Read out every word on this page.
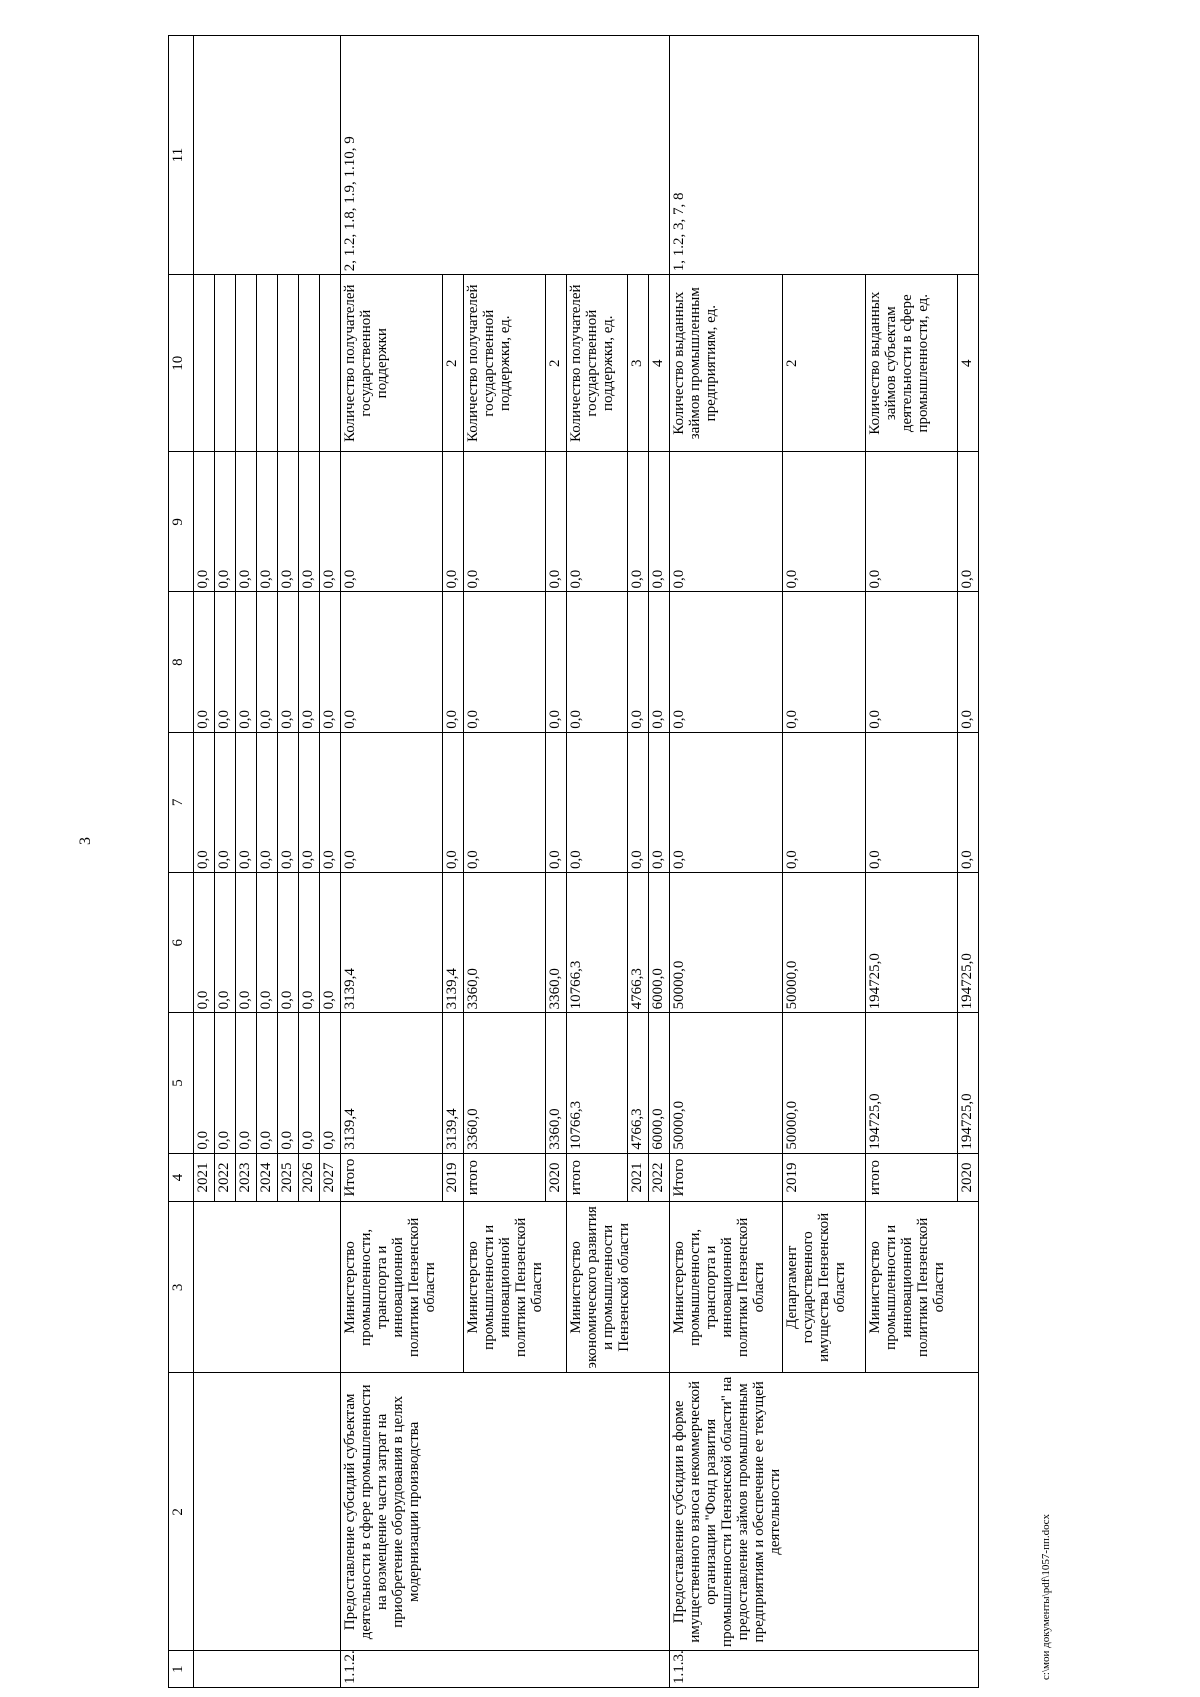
3
1	2	3	4	5	6	7	8	9	10	11
			2021	0,0	0,0	0,0	0,0	0,0		
			2022	0,0	0,0	0,0	0,0	0,0		
			2023	0,0	0,0	0,0	0,0	0,0		
			2024	0,0	0,0	0,0	0,0	0,0		
			2025	0,0	0,0	0,0	0,0	0,0		
			2026	0,0	0,0	0,0	0,0	0,0		
			2027	0,0	0,0	0,0	0,0	0,0		
1.1.2.	Предоставление субсидий субъектам деятельности в сфере промышленности на возмещение части затрат на приобретение оборудования в целях модернизации производства	Министерство промышленности, транспорта и инновационной политики Пензенской области	Итого	3139,4	3139,4	0,0	0,0	0,0	Количество получателей государственной поддержки	2, 1.2, 1.8, 1.9, 1.10, 9
			2019	3139,4	3139,4	0,0	0,0	0,0	2	
		Министерство промышленности и инновационной политики Пензенской области	итого	3360,0	3360,0	0,0	0,0	0,0	Количество получателей государственной поддержки, ед.	
			2020	3360,0	3360,0	0,0	0,0	0,0	2	
		Министерство экономического развития и промышленности Пензенской области	итого	10766,3	10766,3	0,0	0,0	0,0	Количество получателей государственной поддержки, ед.	
			2021	4766,3	4766,3	0,0	0,0	0,0	3	
			2022	6000,0	6000,0	0,0	0,0	0,0	4	
1.1.3.	Предоставление субсидии в форме имущественного взноса некоммерческой организации "Фонд развития промышленности Пензенской области" на предоставление займов промышленным предприятиям и обеспечение ее текущей деятельности	Министерство промышленности, транспорта и инновационной политики Пензенской области	Итого	50000,0	50000,0	0,0	0,0	0,0	Количество выданных займов промышленным предприятиям, ед.	1, 1.2, 3, 7, 8
		Департамент государственного имущества Пензенской области	2019	50000,0	50000,0	0,0	0,0	0,0	2	
		Министерство промышленности и инновационной политики Пензенской области	итого	194725,0	194725,0	0,0	0,0	0,0	Количество выданных займов субъектам деятельности в сфере промышленности, ед.	
			2020	194725,0	194725,0	0,0	0,0	0,0	4	
c:\мои документы\pdf\1057-пп.docx
